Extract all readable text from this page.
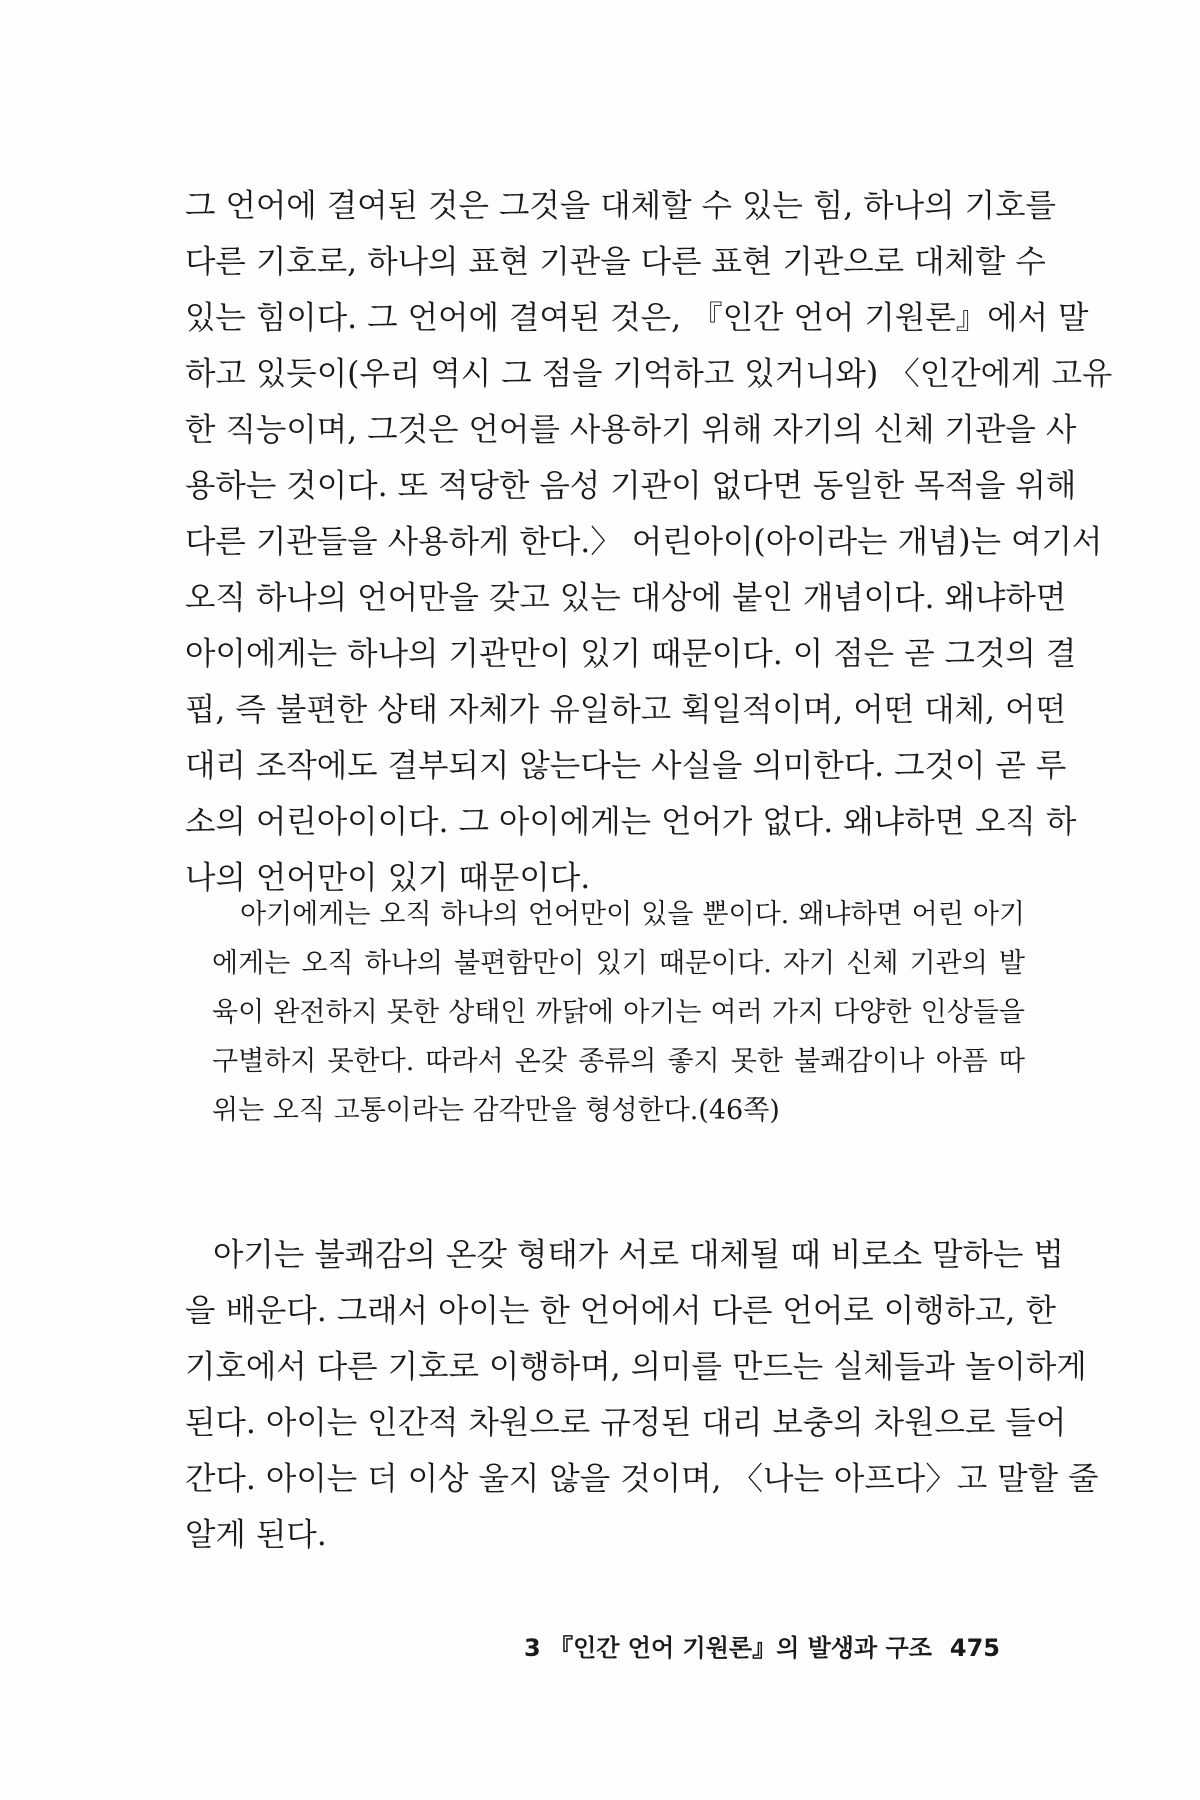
그 언어에 결여된 것은 그것을 대체할 수 있는 힘, 하나의 기호를
다른 기호로, 하나의 표현 기관을 다른 표현 기관으로 대체할 수
있는 힘이다. 그 언어에 결여된 것은, 『인간 언어 기원론』에서 말
하고 있듯이(우리 역시 그 점을 기억하고 있거니와) 〈인간에게 고유
한 직능이며, 그것은 언어를 사용하기 위해 자기의 신체 기관을 사
용하는 것이다. 또 적당한 음성 기관이 없다면 동일한 목적을 위해
다른 기관들을 사용하게 한다.〉 어린아이(아이라는 개념)는 여기서
오직 하나의 언어만을 갖고 있는 대상에 붙인 개념이다. 왜냐하면
아이에게는 하나의 기관만이 있기 때문이다. 이 점은 곧 그것의 결
핍, 즉 불편한 상태 자체가 유일하고 획일적이며, 어떤 대체, 어떤
대리 조작에도 결부되지 않는다는 사실을 의미한다. 그것이 곧 루
소의 어린아이이다. 그 아이에게는 언어가 없다. 왜냐하면 오직 하
나의 언어만이 있기 때문이다.
아기에게는 오직 하나의 언어만이 있을 뿐이다. 왜냐하면 어린 아기
에게는 오직 하나의 불편함만이 있기 때문이다. 자기 신체 기관의 발
육이 완전하지 못한 상태인 까닭에 아기는 여러 가지 다양한 인상들을
구별하지 못한다. 따라서 온갖 종류의 좋지 못한 불쾌감이나 아픔 따
위는 오직 고통이라는 감각만을 형성한다.(46쪽)
아기는 불쾌감의 온갖 형태가 서로 대체될 때 비로소 말하는 법
을 배운다. 그래서 아이는 한 언어에서 다른 언어로 이행하고, 한
기호에서 다른 기호로 이행하며, 의미를 만드는 실체들과 놀이하게
된다. 아이는 인간적 차원으로 규정된 대리 보충의 차원으로 들어
간다. 아이는 더 이상 울지 않을 것이며, 〈나는 아프다〉고 말할 줄
알게 된다.
3 『인간 언어 기원론』의 발생과 구조 475
